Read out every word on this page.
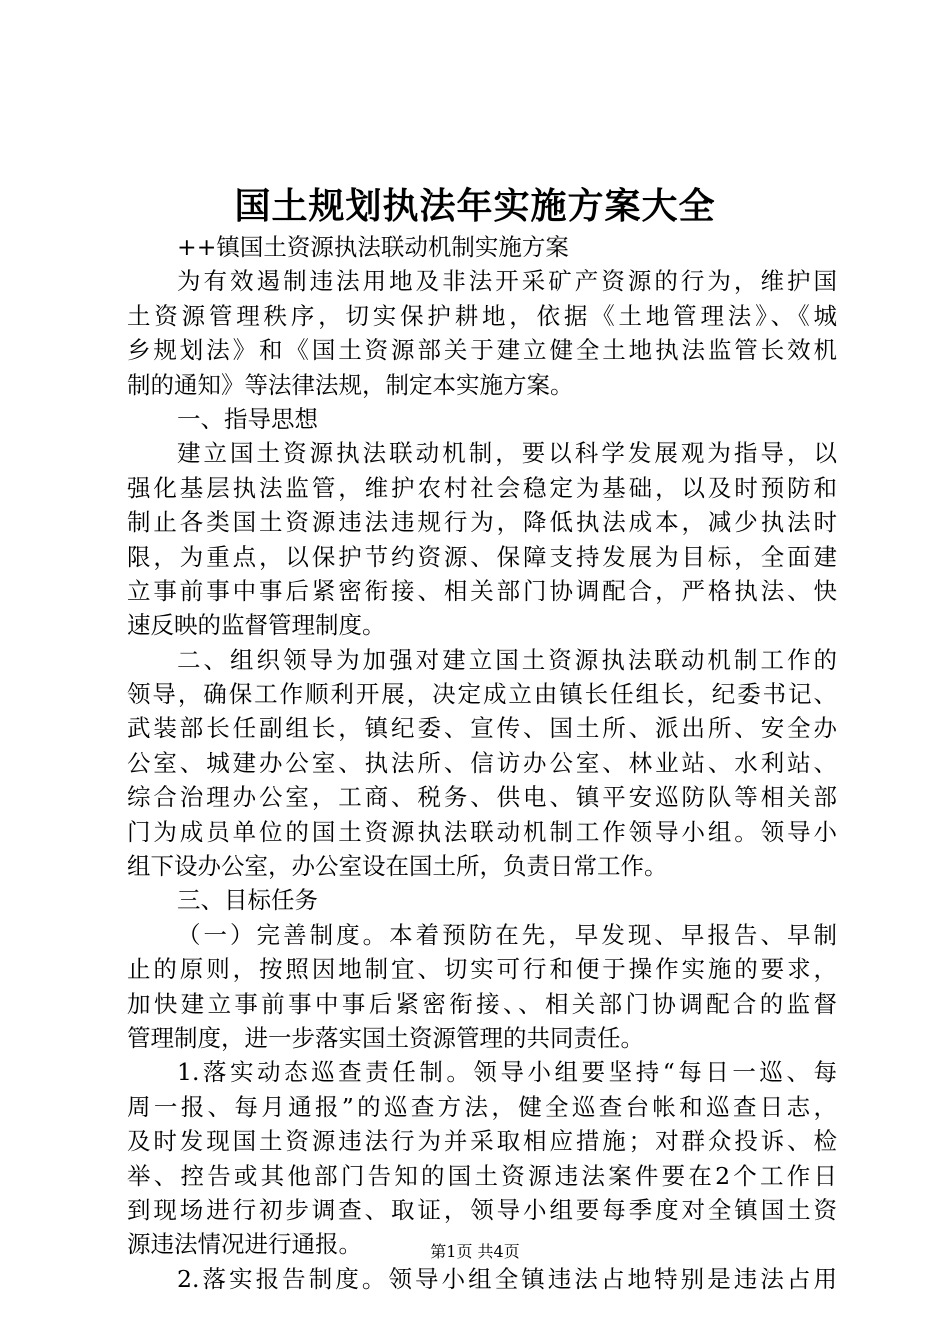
国土规划执法年实施方案大全
++镇国土资源执法联动机制实施方案
为有效遏制违法用地及非法开采矿产资源的行为，维护国
土资源管理秩序，切实保护耕地，依据《土地管理法》、《城
乡规划法》和《国土资源部关于建立健全土地执法监管长效机
制的通知》等法律法规，制定本实施方案。
一、指导思想
建立国土资源执法联动机制，要以科学发展观为指导，以
强化基层执法监管，维护农村社会稳定为基础，以及时预防和
制止各类国土资源违法违规行为，降低执法成本，减少执法时
限，为重点，以保护节约资源、保障支持发展为目标，全面建
立事前事中事后紧密衔接、相关部门协调配合，严格执法、快
速反映的监督管理制度。
二、组织领导为加强对建立国土资源执法联动机制工作的
领导，确保工作顺利开展，决定成立由镇长任组长，纪委书记、
武装部长任副组长，镇纪委、宣传、国土所、派出所、安全办
公室、城建办公室、执法所、信访办公室、林业站、水利站、
综合治理办公室，工商、税务、供电、镇平安巡防队等相关部
门为成员单位的国土资源执法联动机制工作领导小组。领导小
组下设办公室，办公室设在国土所，负责日常工作。
三、目标任务
（一）完善制度。本着预防在先，早发现、早报告、早制
止的原则，按照因地制宜、切实可行和便于操作实施的要求，
加快建立事前事中事后紧密衔接、、相关部门协调配合的监督
管理制度，进一步落实国土资源管理的共同责任。
1.落实动态巡查责任制。领导小组要坚持“每日一巡、每
周一报、每月通报”的巡查方法，健全巡查台帐和巡查日志，
及时发现国土资源违法行为并采取相应措施；对群众投诉、检
举、控告或其他部门告知的国土资源违法案件要在2个工作日
到现场进行初步调查、取证，领导小组要每季度对全镇国土资
源违法情况进行通报。
2.落实报告制度。领导小组全镇违法占地特别是违法占用
第1页 共4页
